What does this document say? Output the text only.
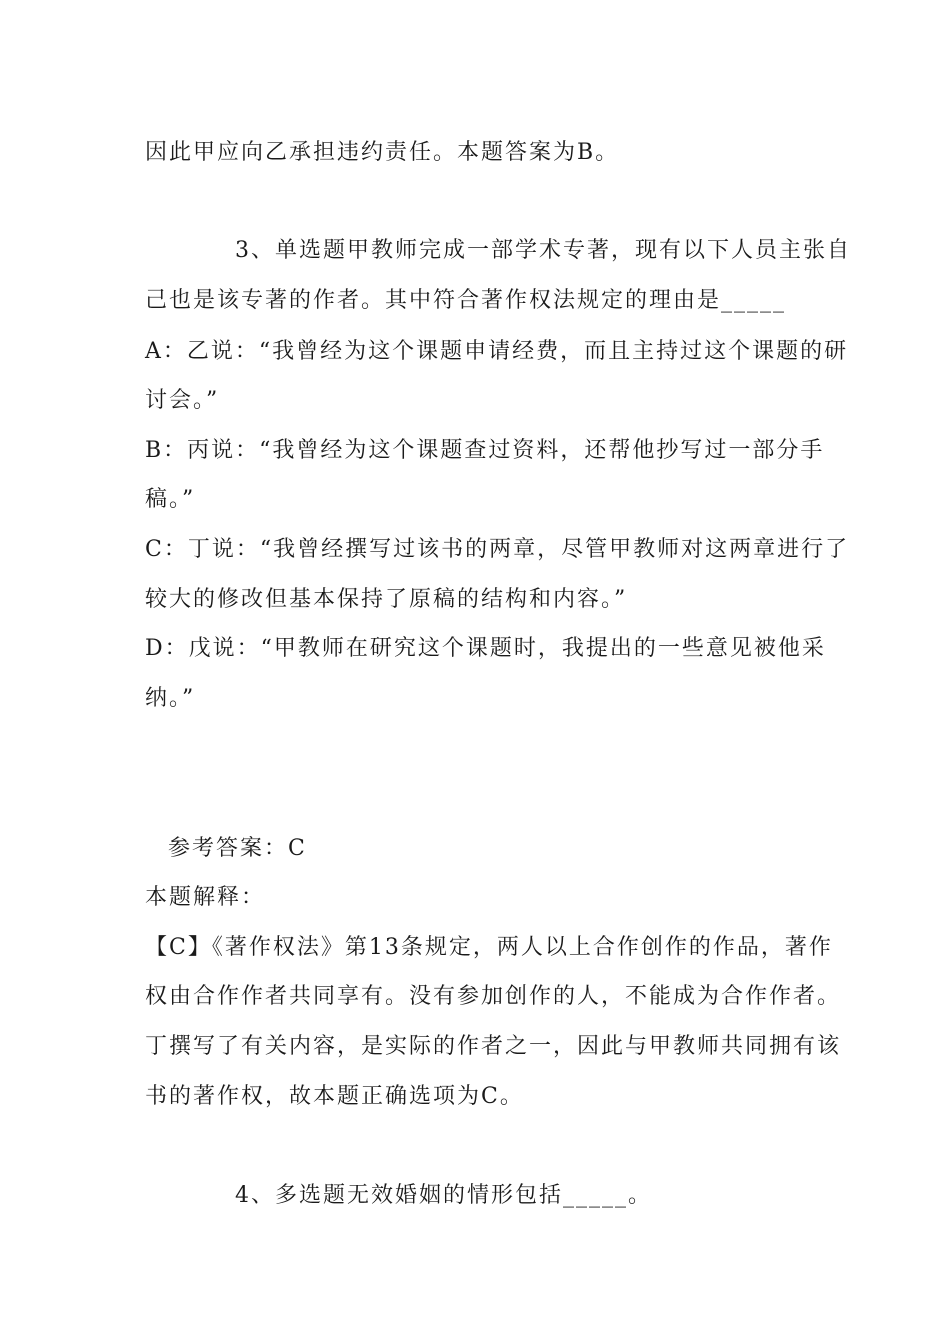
因此甲应向乙承担违约责任。本题答案为B。
3、单选题甲教师完成一部学术专著，现有以下人员主张自
己也是该专著的作者。其中符合著作权法规定的理由是_____
A：乙说：“我曾经为这个课题申请经费，而且主持过这个课题的研
讨会。”
B：丙说：“我曾经为这个课题查过资料，还帮他抄写过一部分手
稿。”
C：丁说：“我曾经撰写过该书的两章，尽管甲教师对这两章进行了
较大的修改但基本保持了原稿的结构和内容。”
D：戊说：“甲教师在研究这个课题时，我提出的一些意见被他采
纳。”
参考答案：C
本题解释：
【C】《著作权法》第13条规定，两人以上合作创作的作品，著作
权由合作作者共同享有。没有参加创作的人，不能成为合作作者。
丁撰写了有关内容，是实际的作者之一，因此与甲教师共同拥有该
书的著作权，故本题正确选项为C。
4、多选题无效婚姻的情形包括_____。
